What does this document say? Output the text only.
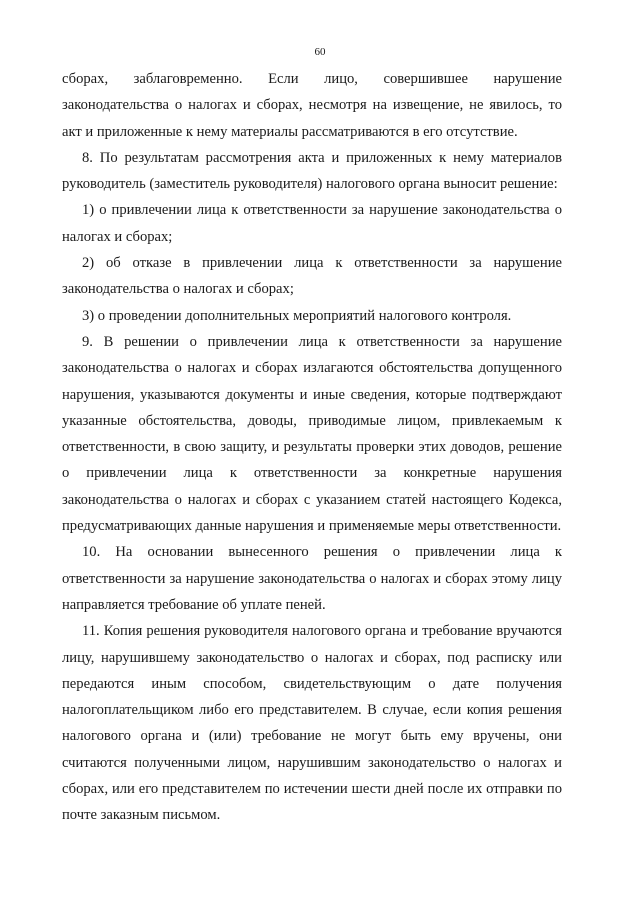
60

сборах, заблаговременно. Если лицо, совершившее нарушение законодательства о налогах и сборах, несмотря на извещение, не явилось, то акт и приложенные к нему материалы рассматриваются в его отсутствие.

8. По результатам рассмотрения акта и приложенных к нему материалов руководитель (заместитель руководителя) налогового органа выносит решение:

1) о привлечении лица к ответственности за нарушение законодательства о налогах и сборах;

2) об отказе в привлечении лица к ответственности за нарушение законодательства о налогах и сборах;

3) о проведении дополнительных мероприятий налогового контроля.

9. В решении о привлечении лица к ответственности за нарушение законодательства о налогах и сборах излагаются обстоятельства допущенного нарушения, указываются документы и иные сведения, которые подтверждают указанные обстоятельства, доводы, приводимые лицом, привлекаемым к ответственности, в свою защиту, и результаты проверки этих доводов, решение о привлечении лица к ответственности за конкретные нарушения законодательства о налогах и сборах с указанием статей настоящего Кодекса, предусматривающих данные нарушения и применяемые меры ответственности.

10. На основании вынесенного решения о привлечении лица к ответственности за нарушение законодательства о налогах и сборах этому лицу направляется требование об уплате пеней.

11. Копия решения руководителя налогового органа и требование вручаются лицу, нарушившему законодательство о налогах и сборах, под расписку или передаются иным способом, свидетельствующим о дате получения налогоплательщиком либо его представителем. В случае, если копия решения налогового органа и (или) требование не могут быть ему вручены, они считаются полученными лицом, нарушившим законодательство о налогах и сборах, или его представителем по истечении шести дней после их отправки по почте заказным письмом.
